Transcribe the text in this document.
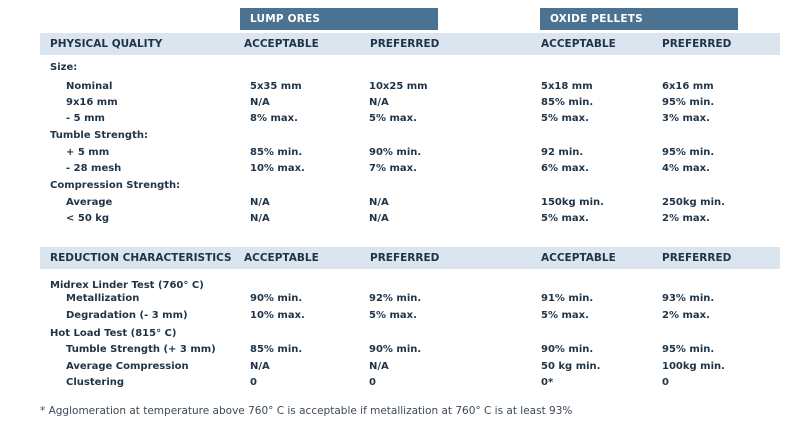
LUMP ORES	OXIDE PELLETS
PHYSICAL QUALITY	ACCEPTABLE	PREFERRED	ACCEPTABLE	PREFERRED
Size:
Nominal	5x35 mm	10x25 mm	5x18 mm	6x16 mm
9x16 mm	N/A	N/A	85% min.	95% min.
- 5 mm	8% max.	5% max.	5% max.	3% max.
Tumble Strength:
+ 5 mm	85% min.	90% min.	92 min.	95% min.
- 28 mesh	10% max.	7% max.	6% max.	4% max.
Compression Strength:
Average	N/A	N/A	150kg min.	250kg min.
< 50 kg	N/A	N/A	5% max.	2% max.
REDUCTION CHARACTERISTICS ACCEPTABLE	PREFERRED	ACCEPTABLE	PREFERRED
Midrex Linder Test (760° C)
Metallization	90% min.	92% min.	91% min.	93% min.
Degradation (- 3 mm)	10% max.	5% max.	5% max.	2% max.
Hot Load Test (815° C)
Tumble Strength (+ 3 mm)	85% min.	90% min.	90% min.	95% min.
Average Compression	N/A	N/A	50 kg min.	100kg min.
Clustering	0	0	0*	0
* Agglomeration at temperature above 760° C is acceptable if metallization at 760° C is at least 93%
